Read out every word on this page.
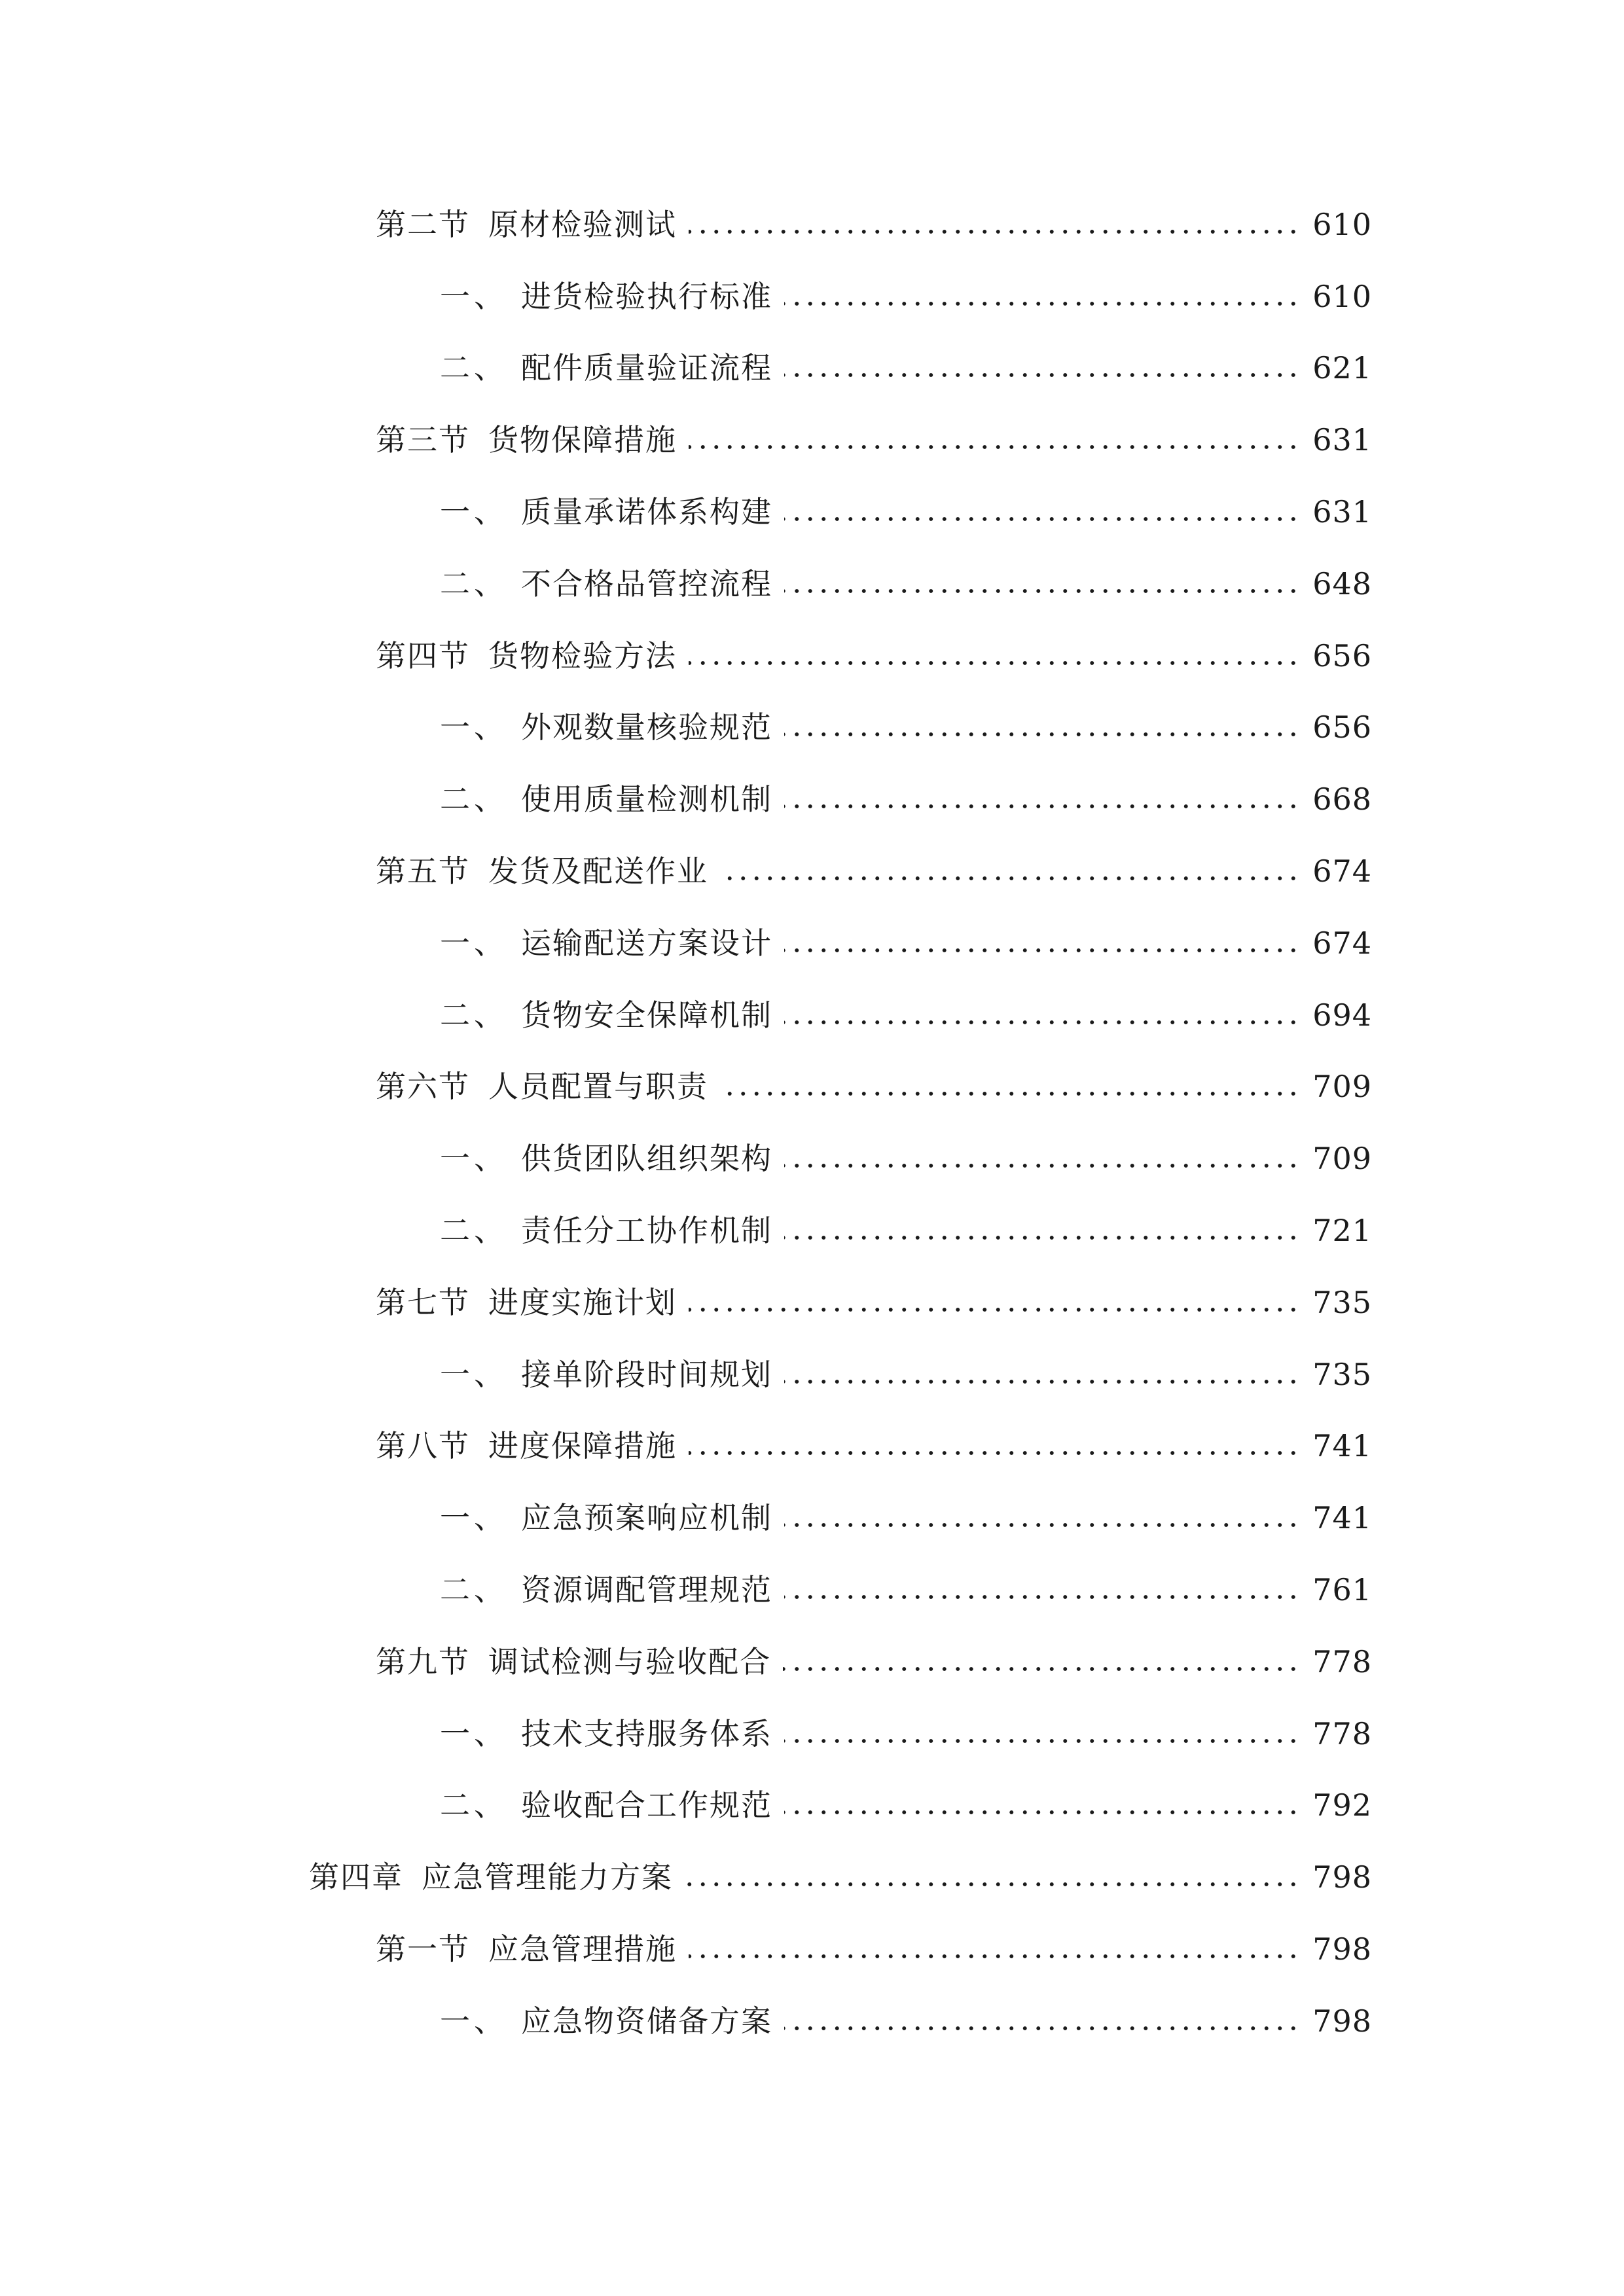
第二节 原材检验测试	610
一、 进货检验执行标准	610
二、 配件质量验证流程	621
第三节 货物保障措施	631
一、 质量承诺体系构建	631
二、 不合格品管控流程	648
第四节 货物检验方法	656
一、 外观数量核验规范	656
二、 使用质量检测机制	668
第五节 发货及配送作业	674
一、 运输配送方案设计	674
二、 货物安全保障机制	694
第六节 人员配置与职责	709
一、 供货团队组织架构	709
二、 责任分工协作机制	721
第七节 进度实施计划	735
一、 接单阶段时间规划	735
第八节 进度保障措施	741
一、 应急预案响应机制	741
二、 资源调配管理规范	761
第九节 调试检测与验收配合	778
一、 技术支持服务体系	778
二、 验收配合工作规范	792
第四章 应急管理能力方案	798
第一节 应急管理措施	798
一、 应急物资储备方案	798
